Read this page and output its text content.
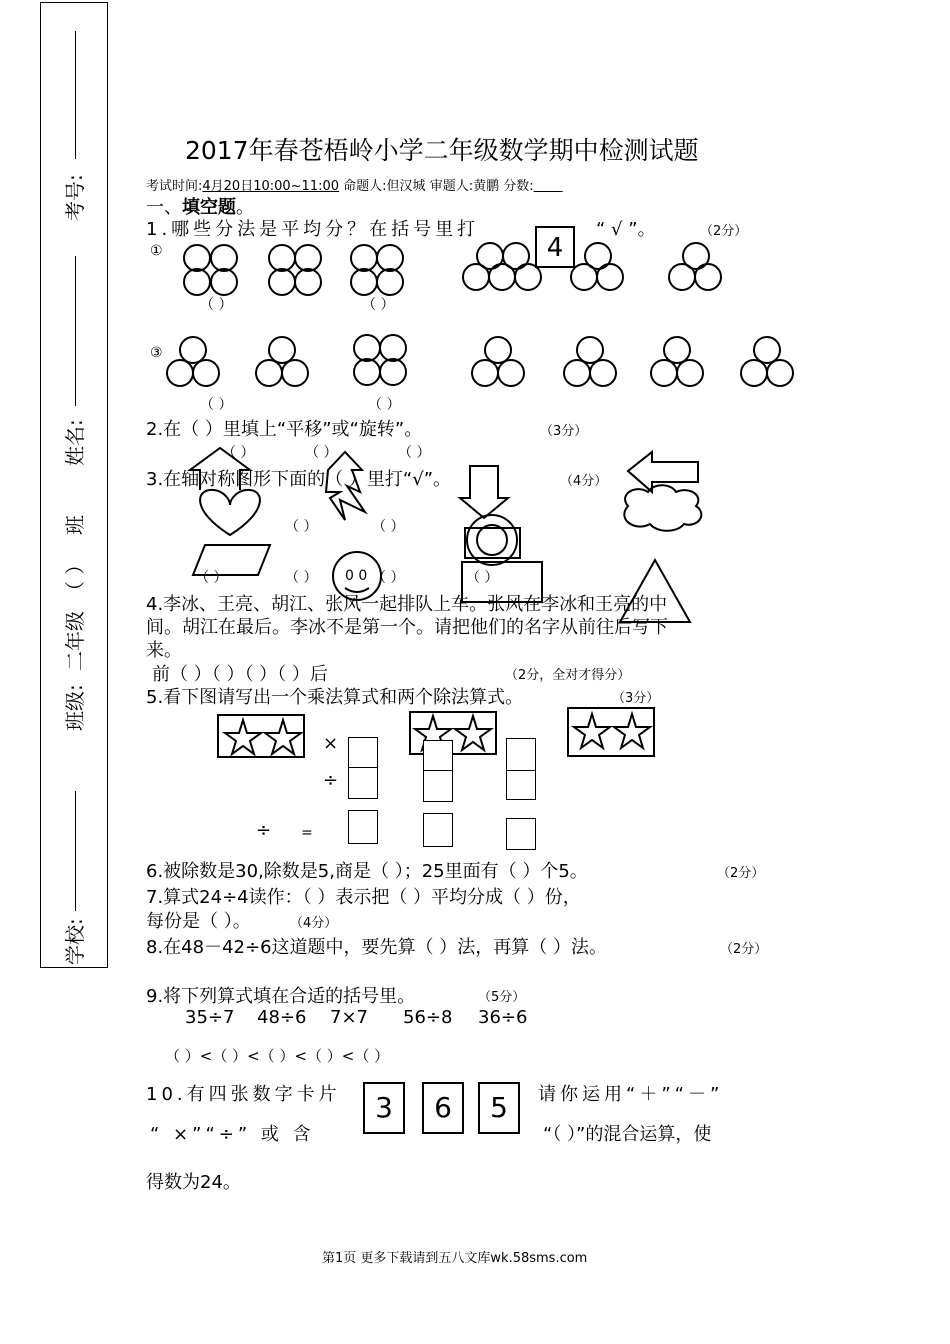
学校:
班级:
二年级
（ ）
班
姓名:
考号:
2017年春苍梧岭小学二年级数学期中检测试题
考试时间:4月20日10:00~11:00 命题人:但汉城 审题人:黄鹏 分数:
一、填空题。
1.哪些分法是平均分？在括号里打	“ √ ”。	（2分）
①
③
4
（ ）	（ ）
（ ）	（ ）
2.在（ ）里填上“平移”或“旋转”。	（3分）
（ ）	（ ）	（ ）
3.在轴对称图形下面的（ ）里打“√”。	（4分）
（ ）	（ ）
（ ）	（ ）	（ ）	（ ）
0 0
4.李冰、王亮、胡江、张风一起排队上车。张风在李冰和王亮的中
间。胡江在最后。李冰不是第一个。请把他们的名字从前往后写下
来。
前（ ）（ ）（ ）（ ）后	（2分，全对才得分）
5.看下图请写出一个乘法算式和两个除法算式。	（3分）
×
÷
÷ =
6.被除数是30,除数是5,商是（ ）；25里面有（ ）个5。	（2分）
7.算式24÷4读作：（ ）表示把（ ）平均分成（ ）份，
每份是（ ）。	（4分）
8.在48－42÷6这道题中，要先算（ ）法，再算（ ）法。	（2分）
9.将下列算式填在合适的括号里。	（5分）
35÷7 48÷6 7×7 56÷8 36÷6
（ ）<（ ）<（ ）<（ ）<（ ）
10.有四张数字卡片	3	6	5	请你运用“＋”“－”
“ ×”“÷” 或 含	“（ ）”的混合运算，使
得数为24。
第1页 更多下载请到五八文库wk.58sms.com
